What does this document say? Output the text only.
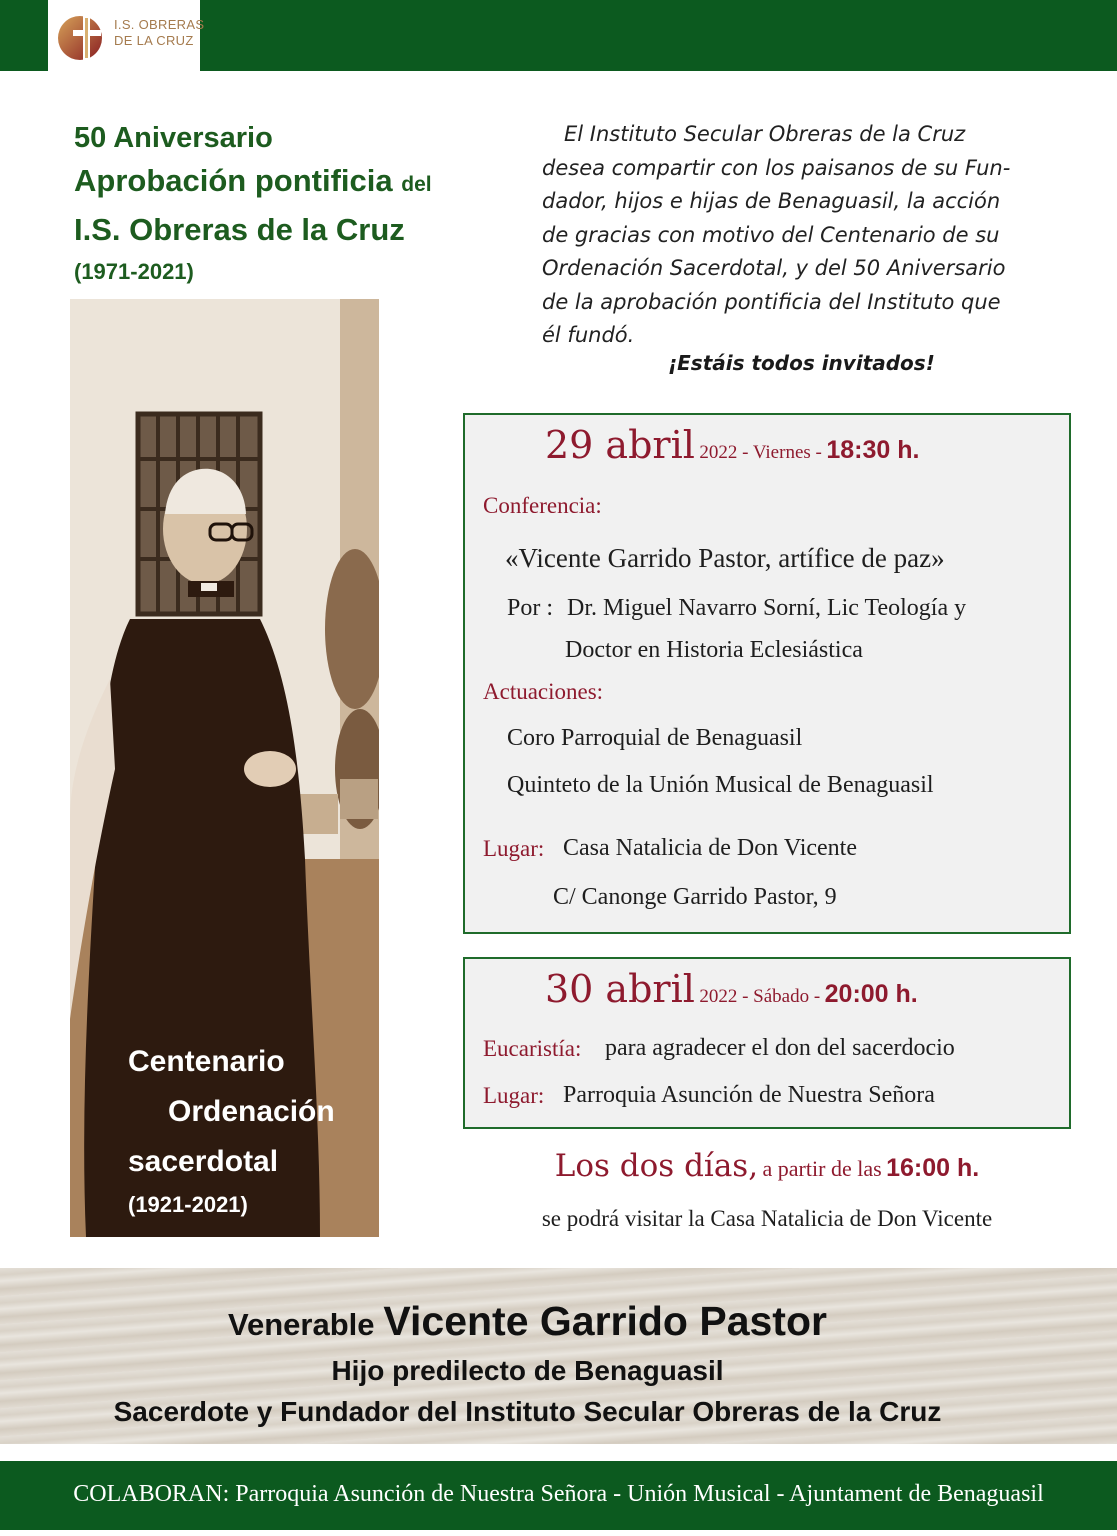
I.S. OBRERAS
DE LA CRUZ
50 Aniversario
Aprobación pontificia del
I.S. Obreras de la Cruz
(1971-2021)
Centenario
Ordenación
sacerdotal
(1921-2021)
El Instituto Secular Obreras de la Cruz
desea compartir con los paisanos de su Fun-
dador, hijos e hijas de Benaguasil, la acción
de gracias con motivo del Centenario de su
Ordenación Sacerdotal, y del 50 Aniversario
de la aprobación pontificia del Instituto que
él fundó.
¡Estáis todos invitados!
29 abril 2022 - Viernes - 18:30 h.
Conferencia:
«Vicente Garrido Pastor, artífice de paz»
Por : Dr. Miguel Navarro Sorní, Lic Teología y
Doctor en Historia Eclesiástica
Actuaciones:
Coro Parroquial de Benaguasil
Quinteto de la Unión Musical de Benaguasil
Lugar: Casa Natalicia de Don Vicente
C/ Canonge Garrido Pastor, 9
30 abril 2022 - Sábado - 20:00 h.
Eucaristía: para agradecer el don del sacerdocio
Lugar: Parroquia Asunción de Nuestra Señora
Los dos días, a partir de las 16:00 h.
se podrá visitar la Casa Natalicia de Don Vicente
Venerable Vicente Garrido Pastor
Hijo predilecto de Benaguasil
Sacerdote y Fundador del Instituto Secular Obreras de la Cruz
COLABORAN: Parroquia Asunción de Nuestra Señora - Unión Musical - Ajuntament de Benaguasil
